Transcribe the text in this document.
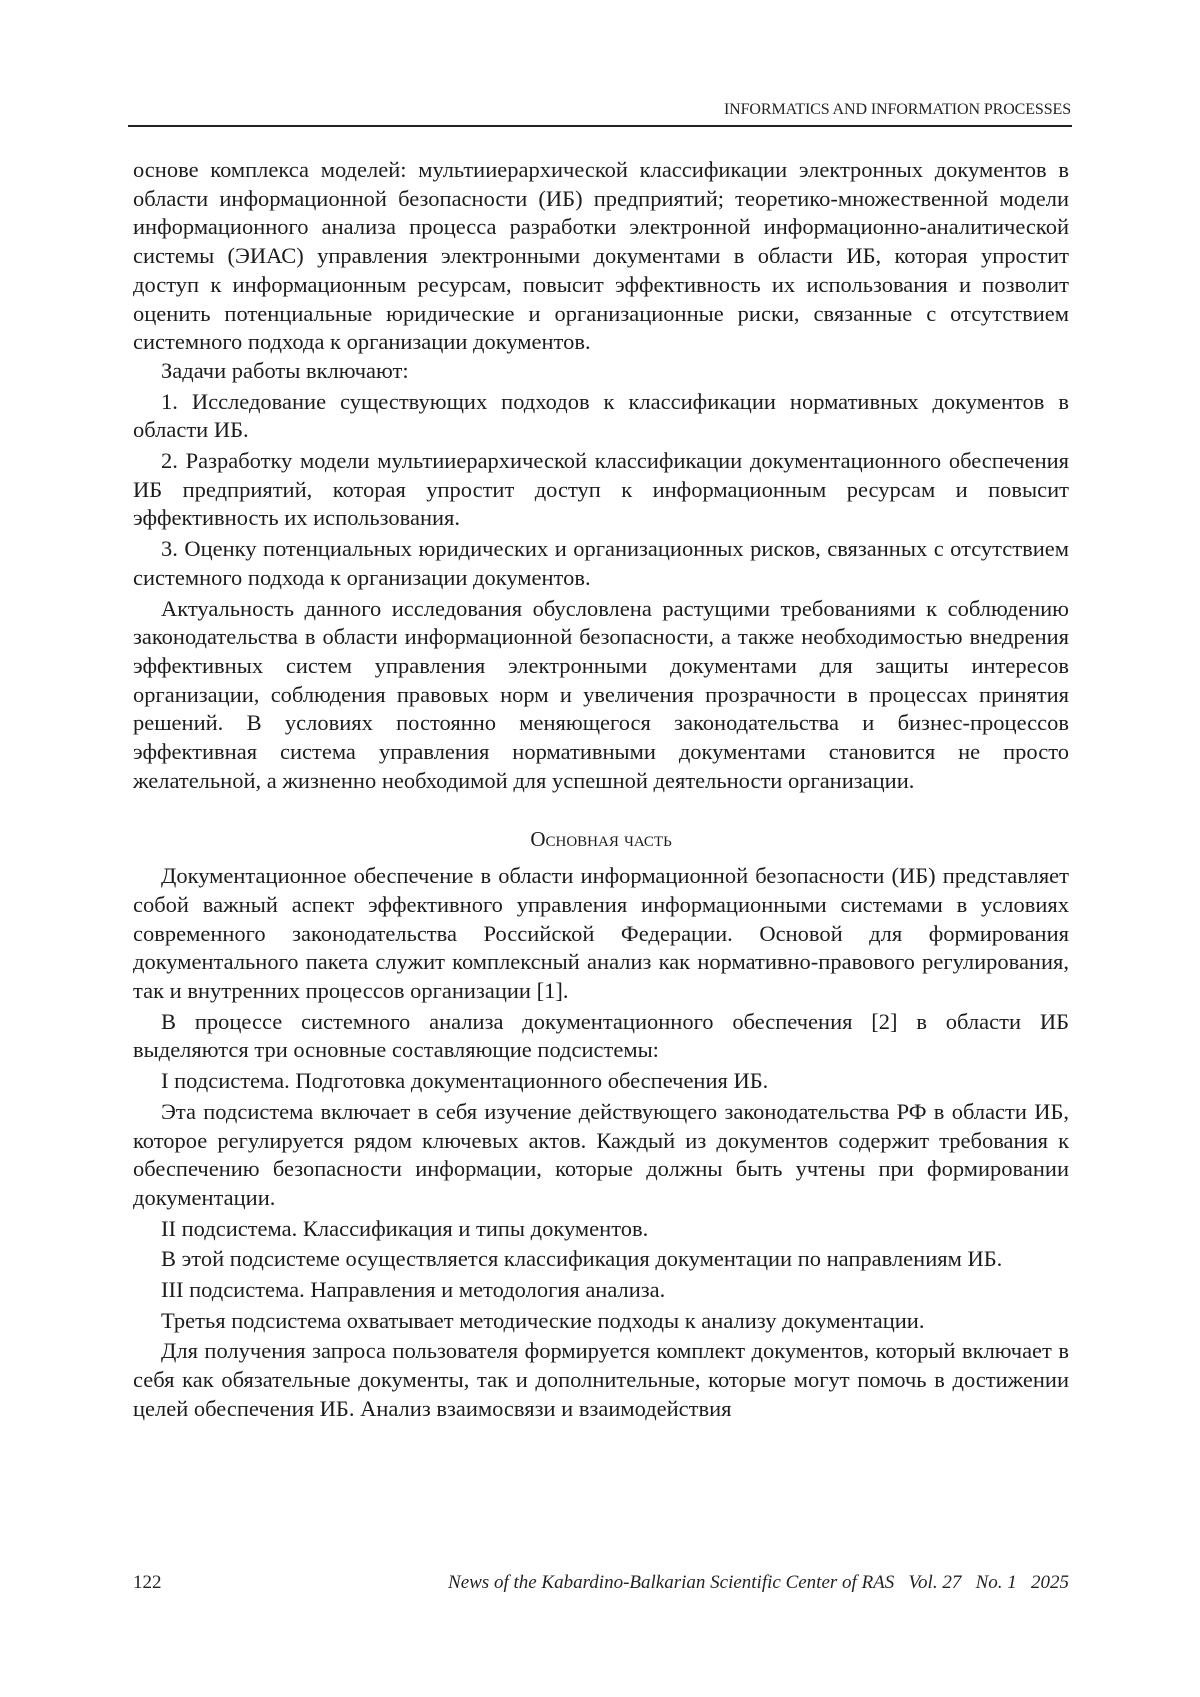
INFORMATICS AND INFORMATION PROCESSES

основе комплекса моделей: мультииерархической классификации электронных документов в области информационной безопасности (ИБ) предприятий; теоретико-множественной модели информационного анализа процесса разработки электронной информационно-аналитической системы (ЭИАС) управления электронными документами в области ИБ, которая упростит доступ к информационным ресурсам, повысит эффективность их использования и позволит оценить потенциальные юридические и организационные риски, связанные с отсутствием системного подхода к организации документов.

Задачи работы включают:

1. Исследование существующих подходов к классификации нормативных документов в области ИБ.

2. Разработку модели мультииерархической классификации документационного обеспечения ИБ предприятий, которая упростит доступ к информационным ресурсам и повысит эффективность их использования.

3. Оценку потенциальных юридических и организационных рисков, связанных с отсутствием системного подхода к организации документов.

Актуальность данного исследования обусловлена растущими требованиями к соблюдению законодательства в области информационной безопасности, а также необходимостью внедрения эффективных систем управления электронными документами для защиты интересов организации, соблюдения правовых норм и увеличения прозрачности в процессах принятия решений. В условиях постоянно меняющегося законодательства и бизнес-процессов эффективная система управления нормативными документами становится не просто желательной, а жизненно необходимой для успешной деятельности организации.

Основная часть

Документационное обеспечение в области информационной безопасности (ИБ) представляет собой важный аспект эффективного управления информационными системами в условиях современного законодательства Российской Федерации. Основой для формирования документального пакета служит комплексный анализ как нормативно-правового регулирования, так и внутренних процессов организации [1].

В процессе системного анализа документационного обеспечения [2] в области ИБ выделяются три основные составляющие подсистемы:

I подсистема. Подготовка документационного обеспечения ИБ.

Эта подсистема включает в себя изучение действующего законодательства РФ в области ИБ, которое регулируется рядом ключевых актов. Каждый из документов содержит требования к обеспечению безопасности информации, которые должны быть учтены при формировании документации.

II подсистема. Классификация и типы документов.

В этой подсистеме осуществляется классификация документации по направлениям ИБ.

III подсистема. Направления и методология анализа.

Третья подсистема охватывает методические подходы к анализу документации.

Для получения запроса пользователя формируется комплект документов, который включает в себя как обязательные документы, так и дополнительные, которые могут помочь в достижении целей обеспечения ИБ. Анализ взаимосвязи и взаимодействия

122	News of the Kabardino-Balkarian Scientific Center of RAS   Vol. 27   No. 1   2025
